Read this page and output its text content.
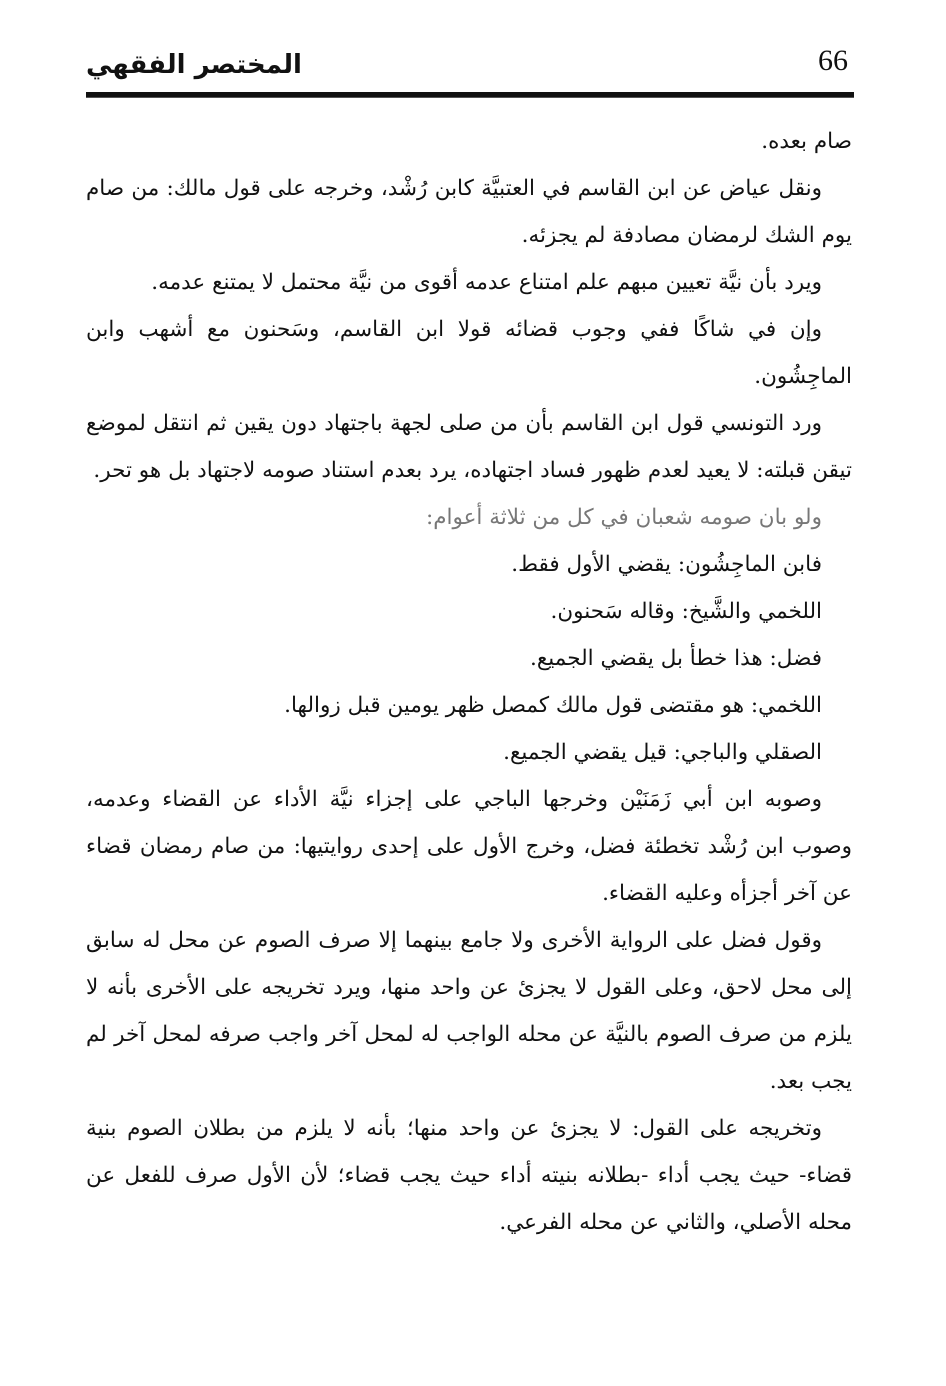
66
المختصر الفقهي

صام بعده.

ونقل عياض عن ابن القاسم في العتبيَّة كابن رُشْد، وخرجه على قول مالك: من صام يوم الشك لرمضان مصادفة لم يجزئه.

ويرد بأن نيَّة تعيين مبهم علم امتناع عدمه أقوى من نيَّة محتمل لا يمتنع عدمه.

وإن في شاكًا ففي وجوب قضائه قولا ابن القاسم، وسَحنون مع أشهب وابن الماجِشُون.

ورد التونسي قول ابن القاسم بأن من صلى لجهة باجتهاد دون يقين ثم انتقل لموضع تيقن قبلته: لا يعيد لعدم ظهور فساد اجتهاده، يرد بعدم استناد صومه لاجتهاد بل هو تحر.

ولو بان صومه شعبان في كل من ثلاثة أعوام:

فابن الماجِشُون: يقضي الأول فقط.

اللخمي والشَّيخ: وقاله سَحنون.

فضل: هذا خطأ بل يقضي الجميع.

اللخمي: هو مقتضى قول مالك كمصل ظهر يومين قبل زوالها.

الصقلي والباجي: قيل يقضي الجميع.

وصوبه ابن أبي زَمَنَيْن وخرجها الباجي على إجزاء نيَّة الأداء عن القضاء وعدمه، وصوب ابن رُشْد تخطئة فضل، وخرج الأول على إحدى روايتيها: من صام رمضان قضاء عن آخر أجزأه وعليه القضاء.

وقول فضل على الرواية الأخرى ولا جامع بينهما إلا صرف الصوم عن محل له سابق إلى محل لاحق، وعلى القول لا يجزئ عن واحد منها، ويرد تخريجه على الأخرى بأنه لا يلزم من صرف الصوم بالنيَّة عن محله الواجب له لمحل آخر واجب صرفه لمحل آخر لم يجب بعد.

وتخريجه على القول: لا يجزئ عن واحد منها؛ بأنه لا يلزم من بطلان الصوم بنية قضاء- حيث يجب أداء -بطلانه بنيته أداء حيث يجب قضاء؛ لأن الأول صرف للفعل عن محله الأصلي، والثاني عن محله الفرعي.
